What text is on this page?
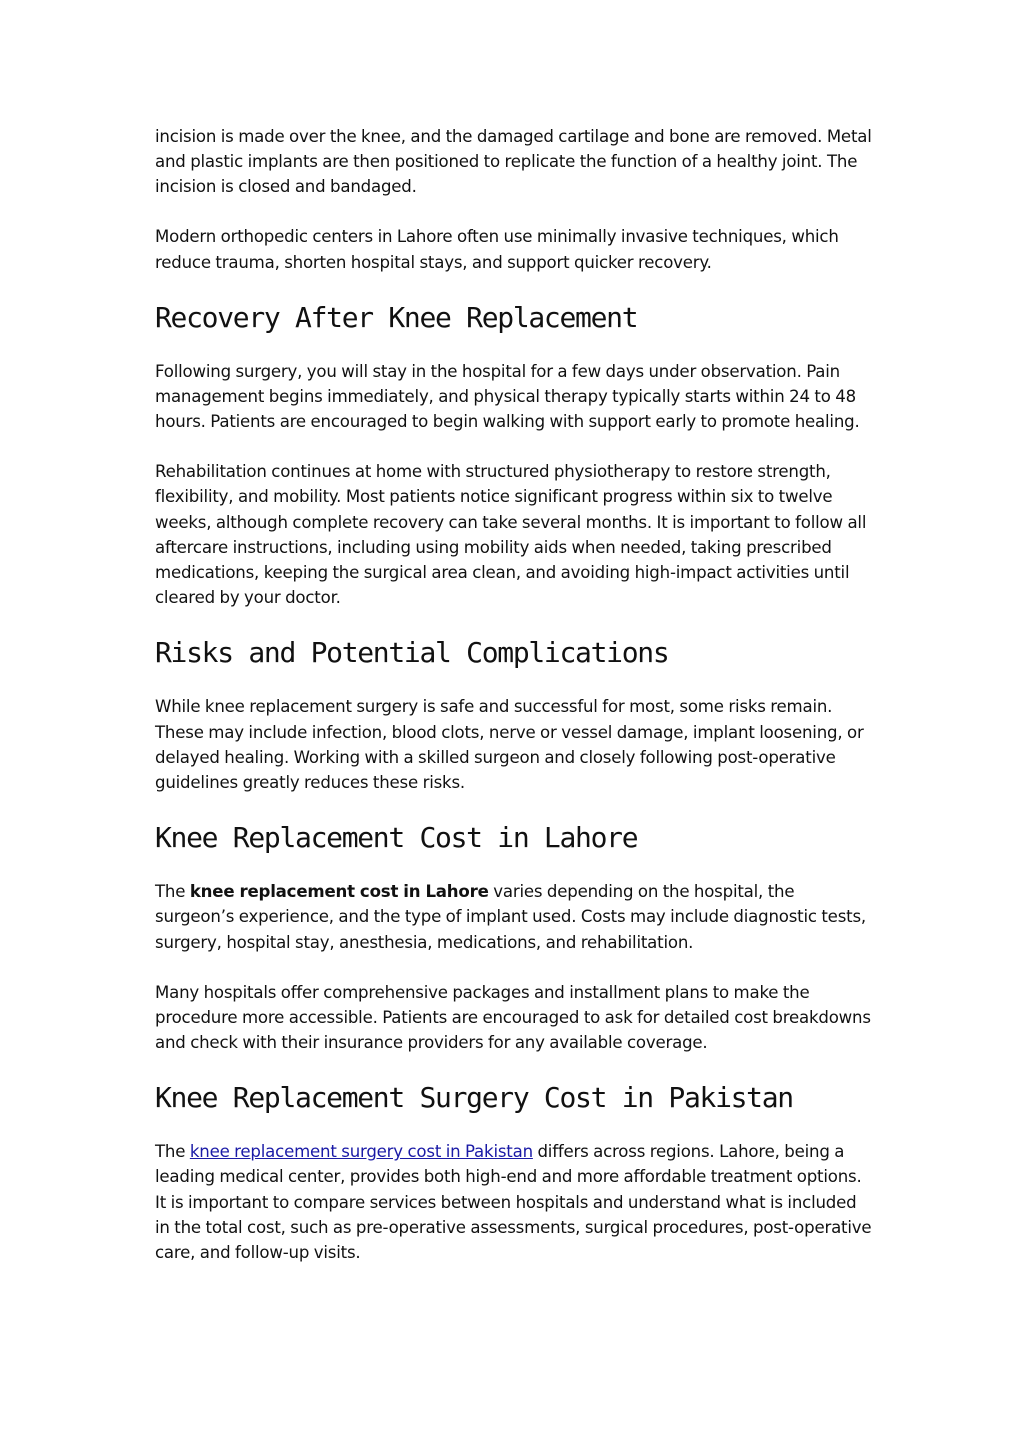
incision is made over the knee, and the damaged cartilage and bone are removed. Metal and plastic implants are then positioned to replicate the function of a healthy joint. The incision is closed and bandaged.

Modern orthopedic centers in Lahore often use minimally invasive techniques, which reduce trauma, shorten hospital stays, and support quicker recovery.

Recovery After Knee Replacement

Following surgery, you will stay in the hospital for a few days under observation. Pain management begins immediately, and physical therapy typically starts within 24 to 48 hours. Patients are encouraged to begin walking with support early to promote healing.

Rehabilitation continues at home with structured physiotherapy to restore strength, flexibility, and mobility. Most patients notice significant progress within six to twelve weeks, although complete recovery can take several months. It is important to follow all aftercare instructions, including using mobility aids when needed, taking prescribed medications, keeping the surgical area clean, and avoiding high-impact activities until cleared by your doctor.

Risks and Potential Complications

While knee replacement surgery is safe and successful for most, some risks remain. These may include infection, blood clots, nerve or vessel damage, implant loosening, or delayed healing. Working with a skilled surgeon and closely following post-operative guidelines greatly reduces these risks.

Knee Replacement Cost in Lahore

The knee replacement cost in Lahore varies depending on the hospital, the surgeon’s experience, and the type of implant used. Costs may include diagnostic tests, surgery, hospital stay, anesthesia, medications, and rehabilitation.

Many hospitals offer comprehensive packages and installment plans to make the procedure more accessible. Patients are encouraged to ask for detailed cost breakdowns and check with their insurance providers for any available coverage.

Knee Replacement Surgery Cost in Pakistan

The knee replacement surgery cost in Pakistan differs across regions. Lahore, being a leading medical center, provides both high-end and more affordable treatment options. It is important to compare services between hospitals and understand what is included in the total cost, such as pre-operative assessments, surgical procedures, post-operative care, and follow-up visits.
